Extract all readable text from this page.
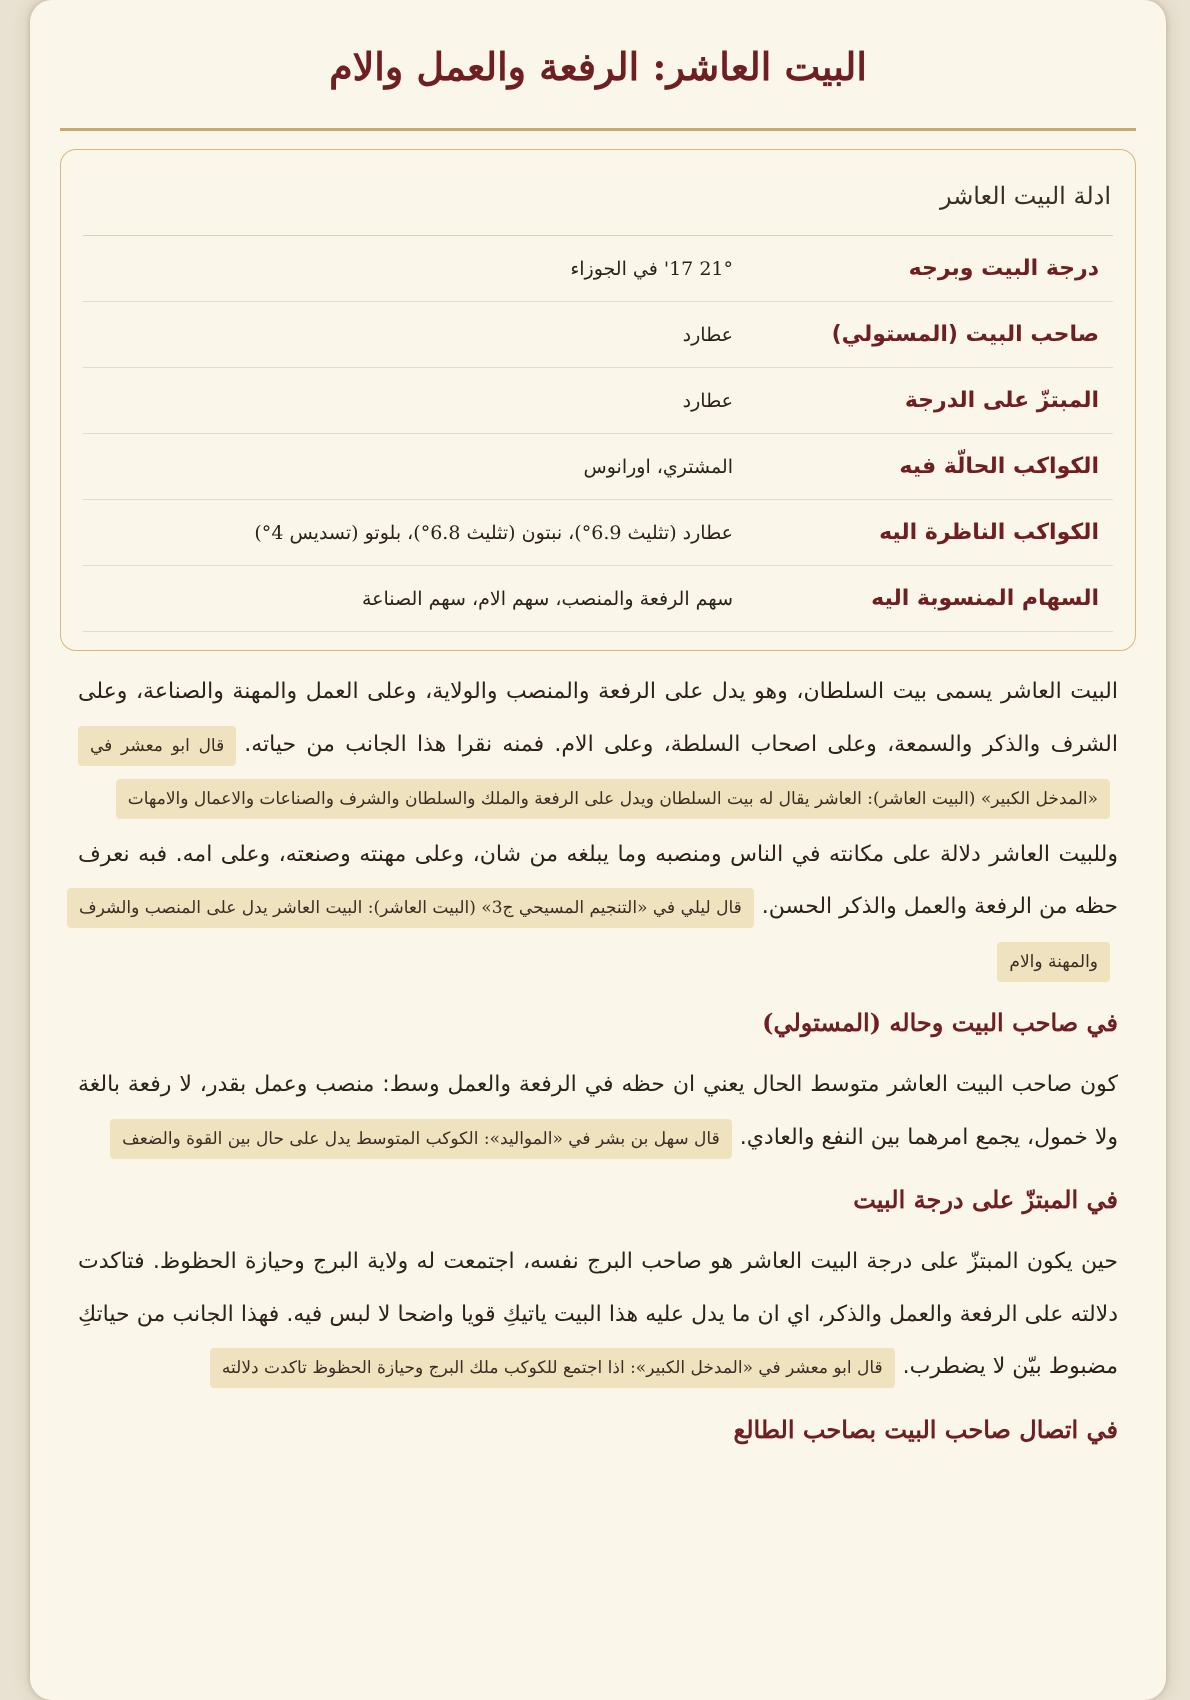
البيت العاشر: الرفعة والعمل والام
ادلة البيت العاشر
درجة البيت وبرجه
21° 17' في الجوزاء
صاحب البيت (المستولي)
عطارد
المبتزّ على الدرجة
عطارد
الكواكب الحالّة فيه
المشتري، اورانوس
الكواكب الناظرة اليه
عطارد (تثليث 6.9°)، نبتون (تثليث 6.8°)، بلوتو (تسديس 4°)
السهام المنسوبة اليه
سهم الرفعة والمنصب، سهم الام، سهم الصناعة

البيت العاشر يسمى بيت السلطان، وهو يدل على الرفعة والمنصب والولاية، وعلى العمل والمهنة والصناعة، وعلى الشرف والذكر والسمعة، وعلى اصحاب السلطة، وعلى الام. فمنه نقرا هذا الجانب من حياته.قال ابو معشر في «المدخل الكبير» (البيت العاشر): العاشر يقال له بيت السلطان ويدل على الرفعة والملك والسلطان والشرف والصناعات والاعمال والامهات

وللبيت العاشر دلالة على مكانته في الناس ومنصبه وما يبلغه من شان، وعلى مهنته وصنعته، وعلى امه. فبه نعرف حظه من الرفعة والعمل والذكر الحسن.قال ليلي في «التنجيم المسيحي ج3» (البيت العاشر): البيت العاشر يدل على المنصب والشرف والمهنة والام

في صاحب البيت وحاله (المستولي)

كون صاحب البيت العاشر متوسط الحال يعني ان حظه في الرفعة والعمل وسط: منصب وعمل بقدر، لا رفعة بالغة ولا خمول، يجمع امرهما بين النفع والعادي.قال سهل بن بشر في «المواليد»: الكوكب المتوسط يدل على حال بين القوة والضعف

في المبتزّ على درجة البيت

حين يكون المبتزّ على درجة البيت العاشر هو صاحب البرج نفسه، اجتمعت له ولاية البرج وحيازة الحظوظ. فتاكدت دلالته على الرفعة والعمل والذكر، اي ان ما يدل عليه هذا البيت ياتيكِ قويا واضحا لا لبس فيه. فهذا الجانب من حياتكِ مضبوط بيّن لا يضطرب.قال ابو معشر في «المدخل الكبير»: اذا اجتمع للكوكب ملك البرج وحيازة الحظوظ تاكدت دلالته

في اتصال صاحب البيت بصاحب الطالع
